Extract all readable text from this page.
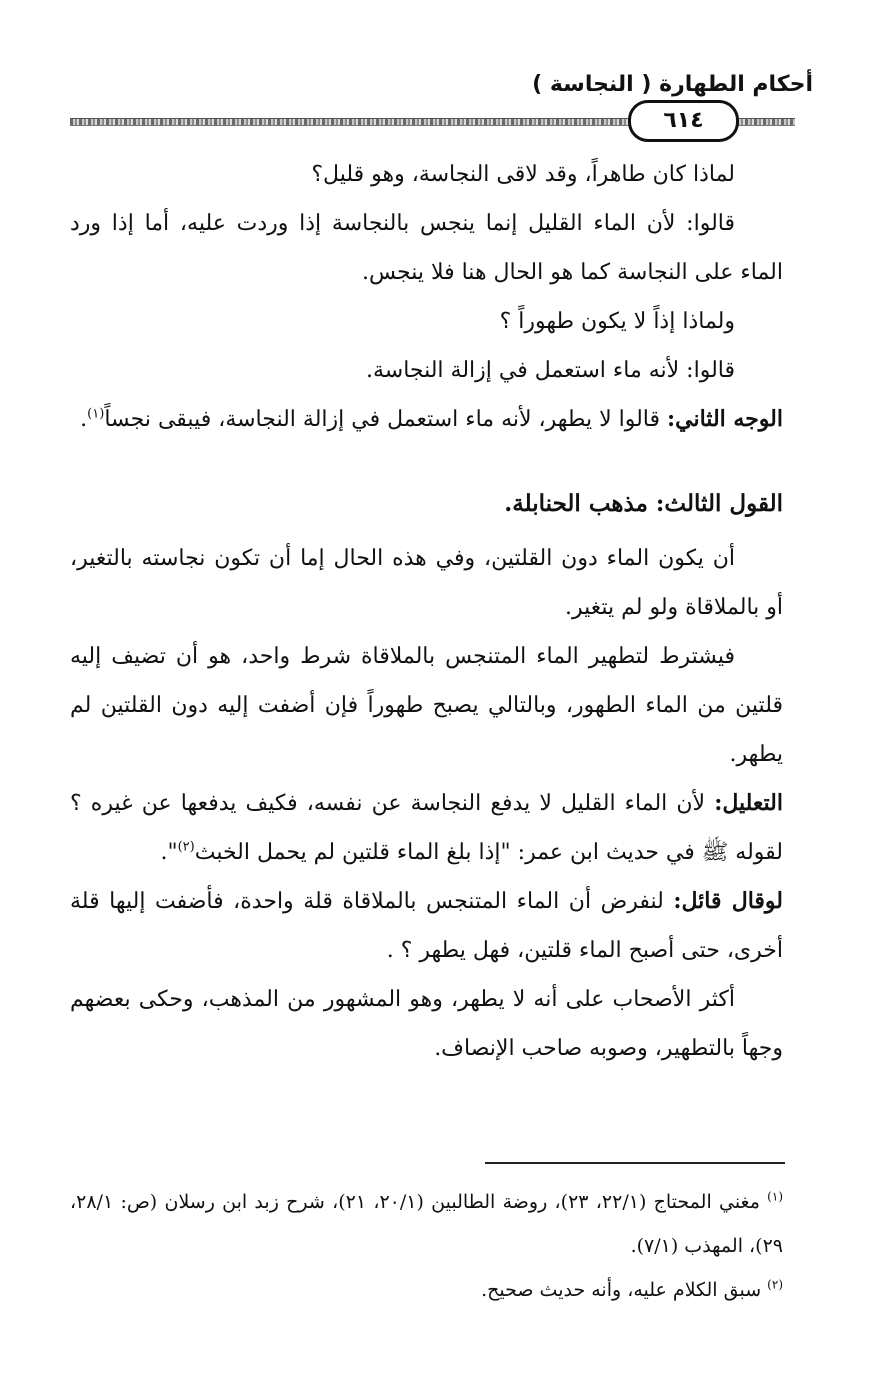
أحكام الطهارة ( النجاسة )
٦١٤

لماذا كان طاهراً، وقد لاقى النجاسة، وهو قليل؟

قالوا: لأن الماء القليل إنما ينجس بالنجاسة إذا وردت عليه، أما إذا ورد الماء على النجاسة كما هو الحال هنا فلا ينجس.

ولماذا إذاً لا يكون طهوراً ؟

قالوا: لأنه ماء استعمل في إزالة النجاسة.

الوجه الثاني: قالوا لا يطهر، لأنه ماء استعمل في إزالة النجاسة، فيبقى نجساً$^{(١)}$.

القول الثالث: مذهب الحنابلة.

أن يكون الماء دون القلتين، وفي هذه الحال إما أن تكون نجاسته بالتغير، أو بالملاقاة ولو لم يتغير.

فيشترط لتطهير الماء المتنجس بالملاقاة شرط واحد، هو أن تضيف إليه قلتين من الماء الطهور، وبالتالي يصبح طهوراً فإن أضفت إليه دون القلتين لم يطهر.

التعليل: لأن الماء القليل لا يدفع النجاسة عن نفسه، فكيف يدفعها عن غيره ؟ لقوله ﷺ في حديث ابن عمر: "إذا بلغ الماء قلتين لم يحمل الخبث$^{(٢)}$".

لوقال قائل: لنفرض أن الماء المتنجس بالملاقاة قلة واحدة، فأضفت إليها قلة أخرى، حتى أصبح الماء قلتين، فهل يطهر ؟ .

أكثر الأصحاب على أنه لا يطهر، وهو المشهور من المذهب، وحكى بعضهم وجهاً بالتطهير، وصوبه صاحب الإنصاف.

$^{(١)}$ مغني المحتاج (٢٢/١، ٢٣)، روضة الطالبين (٢٠/١، ٢١)، شرح زبد ابن رسلان (ص: ٢٨/١، ٢٩)، المهذب (٧/١).

$^{(٢)}$ سبق الكلام عليه، وأنه حديث صحيح.
